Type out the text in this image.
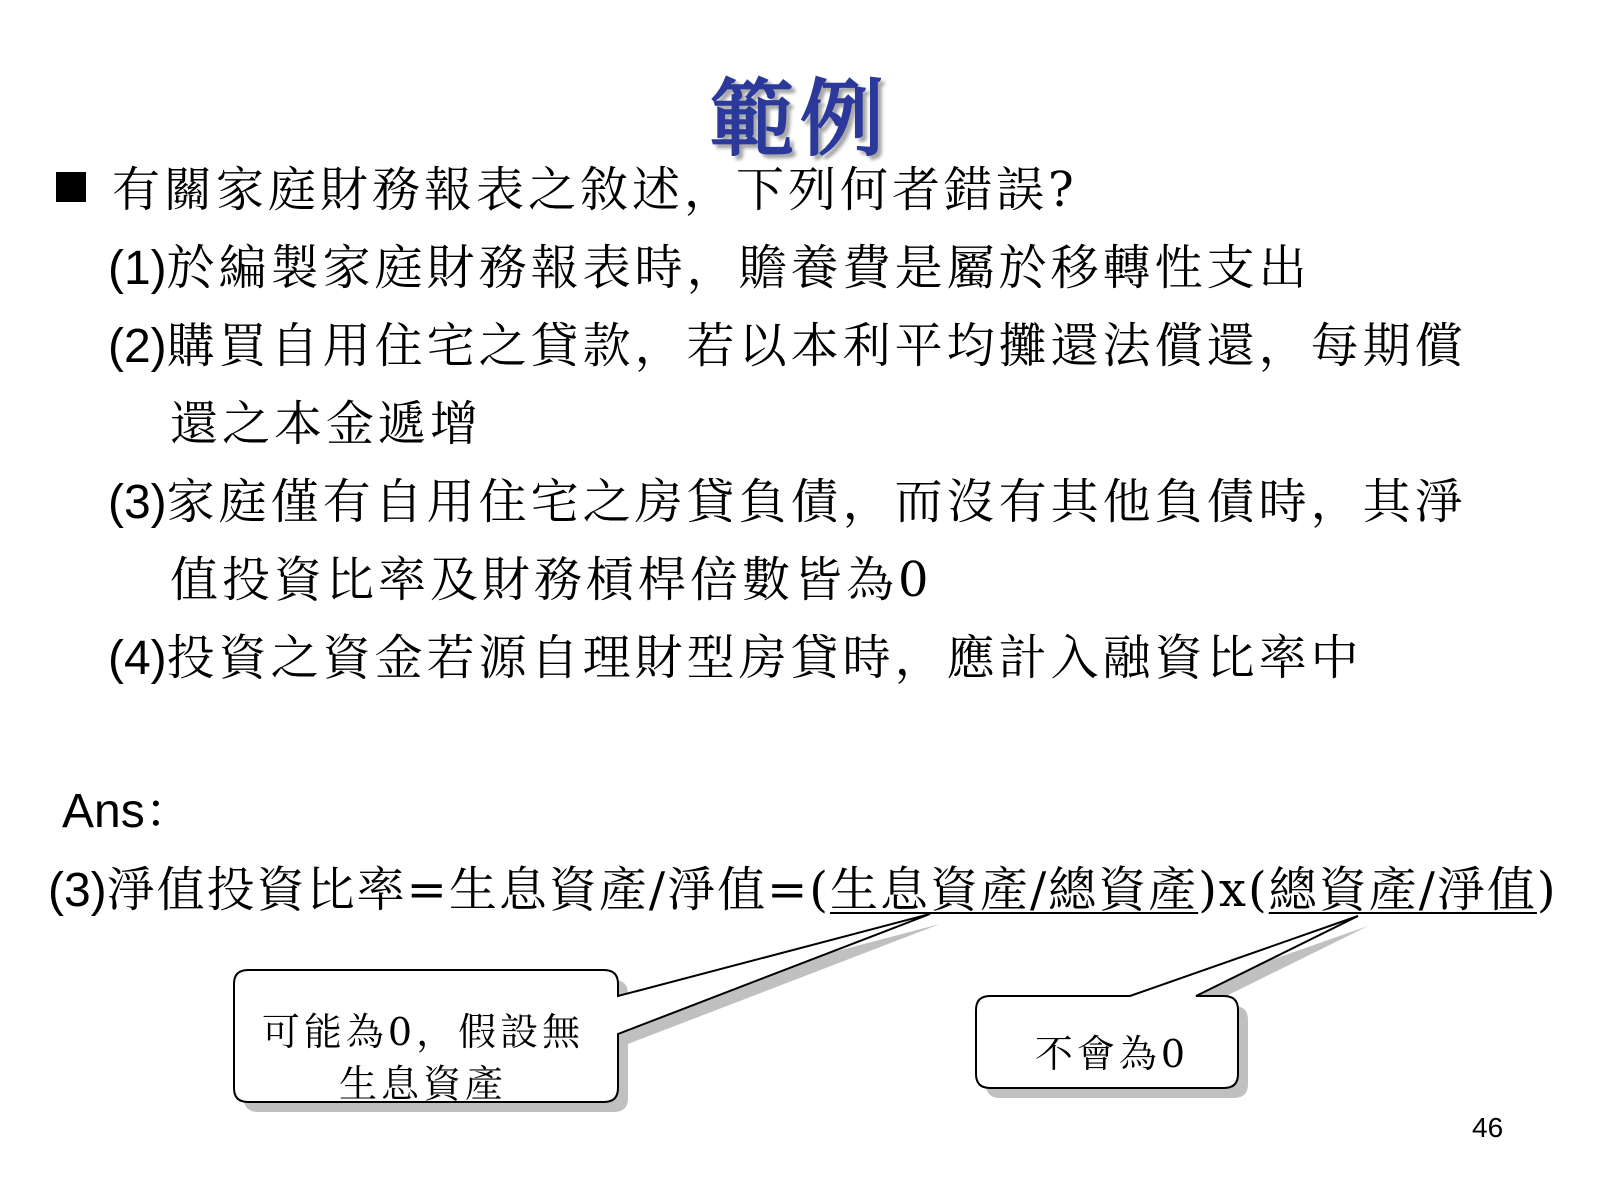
範例
有關家庭財務報表之敘述，下列何者錯誤?
(1)於編製家庭財務報表時，贍養費是屬於移轉性支出
(2)購買自用住宅之貸款，若以本利平均攤還法償還，每期償
還之本金遞增
(3)家庭僅有自用住宅之房貸負債，而沒有其他負債時，其淨
值投資比率及財務槓桿倍數皆為0
(4)投資之資金若源自理財型房貸時，應計入融資比率中
Ans：
(3)淨值投資比率=生息資產/淨值=(生息資產/總資產)x(總資產/淨值)
可能為0，假設無
生息資產
不會為0
46
